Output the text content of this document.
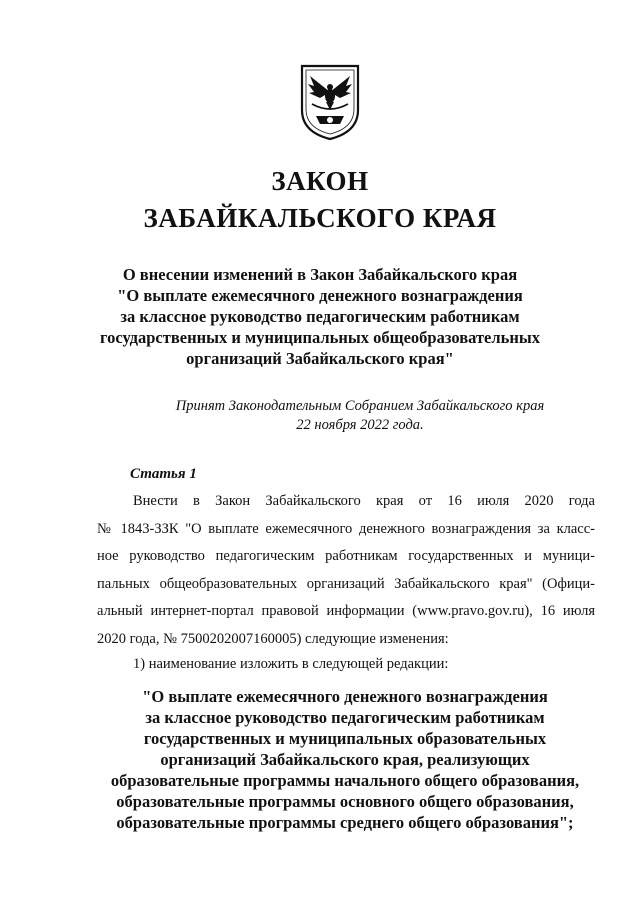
ЗАКОН
ЗАБАЙКАЛЬСКОГО КРАЯ
О внесении изменений в Закон Забайкальского края
"О выплате ежемесячного денежного вознаграждения
за классное руководство педагогическим работникам
государственных и муниципальных общеобразовательных
организаций Забайкальского края"
Принят Законодательным Собранием Забайкальского края
22 ноября 2022 года.
Статья 1
Внести в Закон Забайкальского края от 16 июля 2020 года
№ 1843-ЗЗК "О выплате ежемесячного денежного вознаграждения за класс-
ное руководство педагогическим работникам государственных и муници-
пальных общеобразовательных организаций Забайкальского края" (Офици-
альный интернет-портал правовой информации (www.pravo.gov.ru), 16 июля
2020 года, № 7500202007160005) следующие изменения:
1) наименование изложить в следующей редакции:
"О выплате ежемесячного денежного вознаграждения
за классное руководство педагогическим работникам
государственных и муниципальных образовательных
организаций Забайкальского края, реализующих
образовательные программы начального общего образования,
образовательные программы основного общего образования,
образовательные программы среднего общего образования";
